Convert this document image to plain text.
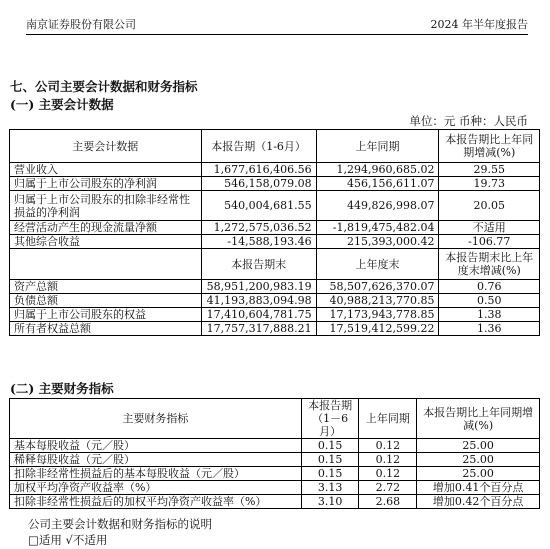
南京证券股份有限公司	2024 年半年度报告
七、公司主要会计数据和财务指标
(一) 主要会计数据
单位：元 币种：人民币
主要会计数据	本报告期（1-6月）	上年同期	本报告期比上年同期增减(%)
营业收入	1,677,616,406.56	1,294,960,685.02	29.55
归属于上市公司股东的净利润	546,158,079.08	456,156,611.07	19.73
归属于上市公司股东的扣除非经常性损益的净利润	540,004,681.55	449,826,998.07	20.05
经营活动产生的现金流量净额	1,272,575,036.52	-1,819,475,482.04	不适用
其他综合收益	-14,588,193.46	215,393,000.42	-106.77
	本报告期末	上年度末	本报告期末比上年度末增减(%)
资产总额	58,951,200,983.19	58,507,626,370.07	0.76
负债总额	41,193,883,094.98	40,988,213,770.85	0.50
归属于上市公司股东的权益	17,410,604,781.75	17,173,943,778.85	1.38
所有者权益总额	17,757,317,888.21	17,519,412,599.22	1.36
(二) 主要财务指标
主要财务指标	本报告期（1－6月）	上年同期	本报告期比上年同期增减(%)
基本每股收益（元／股）	0.15	0.12	25.00
稀释每股收益（元／股）	0.15	0.12	25.00
扣除非经常性损益后的基本每股收益（元／股）	0.15	0.12	25.00
加权平均净资产收益率（%）	3.13	2.72	增加0.41个百分点
扣除非经常性损益后的加权平均净资产收益率（%）	3.10	2.68	增加0.42个百分点
公司主要会计数据和财务指标的说明
□适用 √不适用
